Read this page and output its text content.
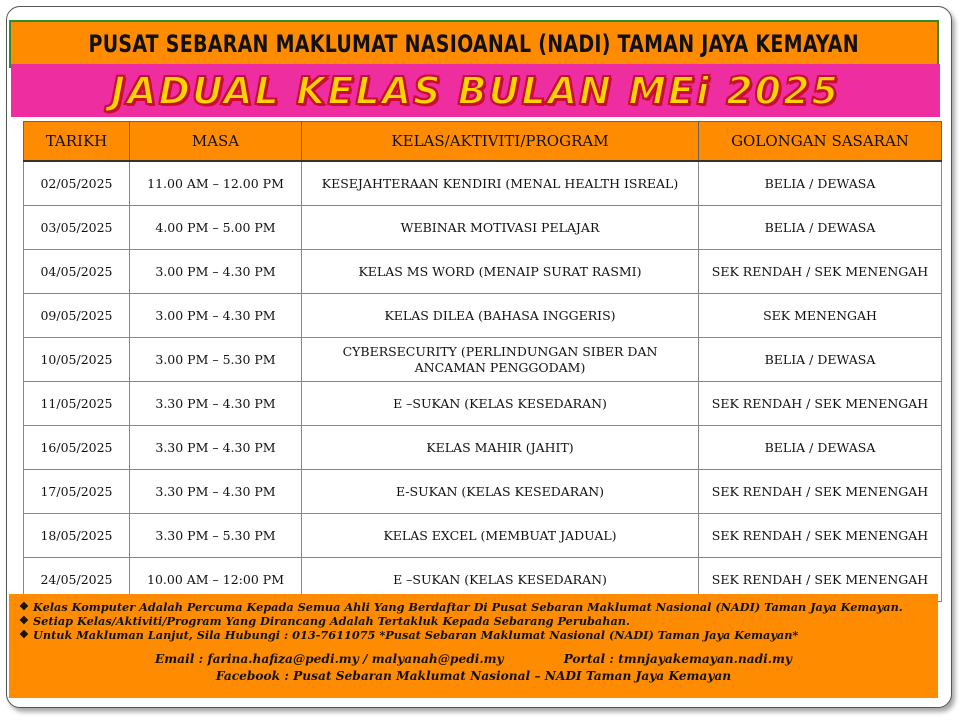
PUSAT SEBARAN MAKLUMAT NASIOANAL (NADI) TAMAN JAYA KEMAYAN
JADUAL KELAS BULAN MEi 2025
TARIKH	MASA	KELAS/AKTIVITI/PROGRAM	GOLONGAN SASARAN
02/05/2025	11.00 AM – 12.00 PM	KESEJAHTERAAN KENDIRI (MENAL HEALTH ISREAL)	BELIA / DEWASA
03/05/2025	4.00 PM – 5.00 PM	WEBINAR MOTIVASI PELAJAR	BELIA / DEWASA
04/05/2025	3.00 PM – 4.30 PM	KELAS MS WORD (MENAIP SURAT RASMI)	SEK RENDAH / SEK MENENGAH
09/05/2025	3.00 PM – 4.30 PM	KELAS DILEA (BAHASA INGGERIS)	SEK MENENGAH
10/05/2025	3.00 PM – 5.30 PM	CYBERSECURITY (PERLINDUNGAN SIBER DAN ANCAMAN PENGGODAM)	BELIA / DEWASA
11/05/2025	3.30 PM – 4.30 PM	E –SUKAN (KELAS KESEDARAN)	SEK RENDAH / SEK MENENGAH
16/05/2025	3.30 PM – 4.30 PM	KELAS MAHIR (JAHIT)	BELIA / DEWASA
17/05/2025	3.30 PM – 4.30 PM	E-SUKAN (KELAS KESEDARAN)	SEK RENDAH / SEK MENENGAH
18/05/2025	3.30 PM – 5.30 PM	KELAS EXCEL (MEMBUAT JADUAL)	SEK RENDAH / SEK MENENGAH
24/05/2025	10.00 AM – 12:00 PM	E –SUKAN (KELAS KESEDARAN)	SEK RENDAH / SEK MENENGAH
❖ Kelas Komputer Adalah Percuma Kepada Semua Ahli Yang Berdaftar Di Pusat Sebaran Maklumat Nasional (NADI) Taman Jaya Kemayan.
❖ Setiap Kelas/Aktiviti/Program Yang Dirancang Adalah Tertakluk Kepada Sebarang Perubahan.
❖ Untuk Makluman Lanjut, Sila Hubungi : 013-7611075 *Pusat Sebaran Maklumat Nasional (NADI) Taman Jaya Kemayan*
Email : farina.hafiza@pedi.my / malyanah@pedi.my	Portal : tmnjayakemayan.nadi.my
Facebook : Pusat Sebaran Maklumat Nasional – NADI Taman Jaya Kemayan
